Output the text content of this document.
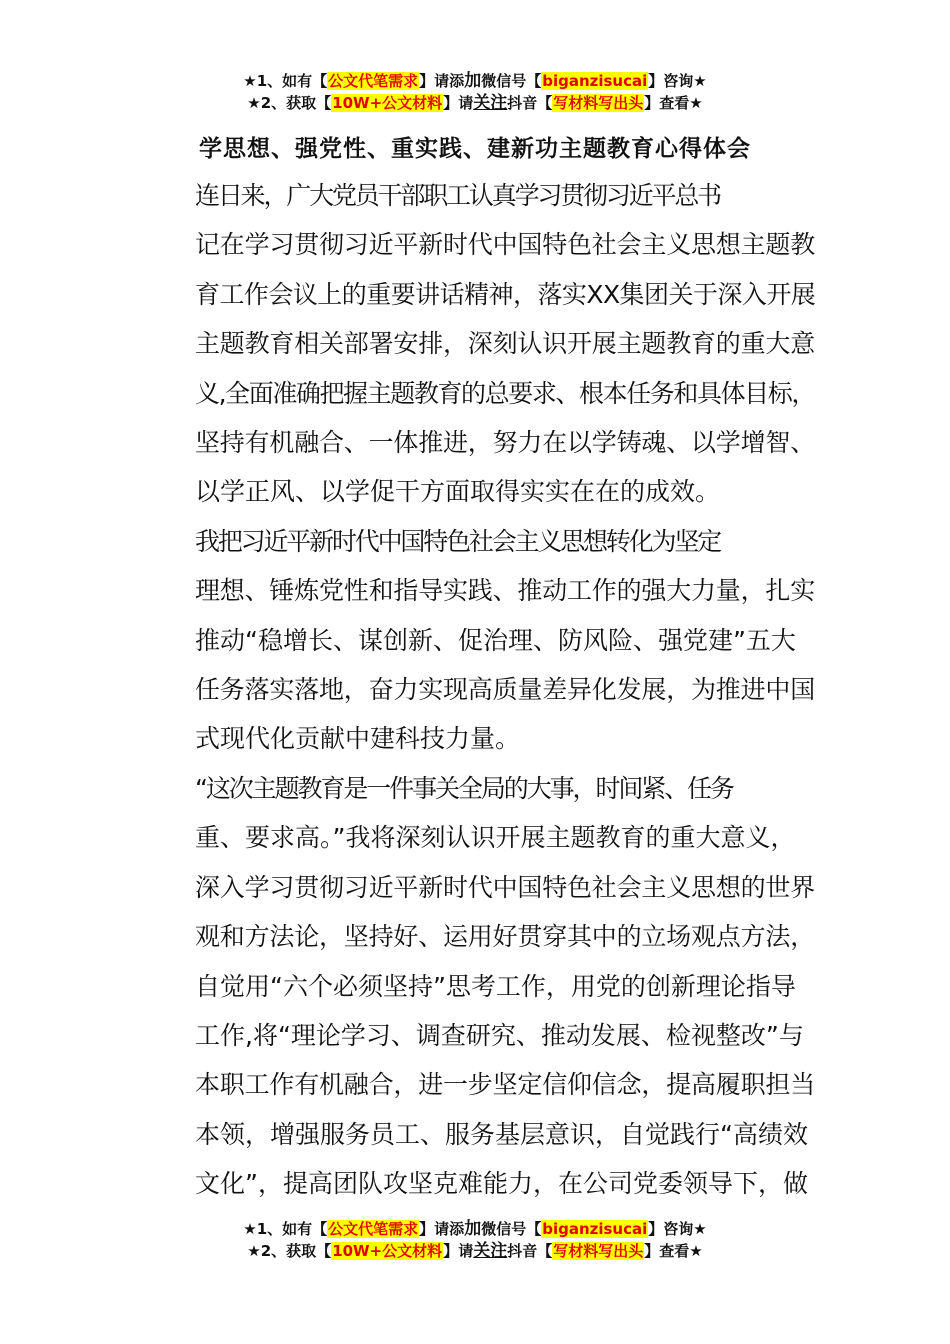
★1、如有【公文代笔需求】请添加微信号【biganzisucai】咨询★
★2、获取【10W+公文材料】请关注抖音【写材料写出头】查看★
学思想、强党性、重实践、建新功主题教育心得体会

连日来，广大党员干部职工认真学习贯彻习近平总书
记在学习贯彻习近平新时代中国特色社会主义思想主题教
育工作会议上的重要讲话精神，落实XX集团关于深入开展
主题教育相关部署安排，深刻认识开展主题教育的重大意
义,全面准确把握主题教育的总要求、根本任务和具体目标，
坚持有机融合、一体推进，努力在以学铸魂、以学增智、
以学正风、以学促干方面取得实实在在的成效。

我把习近平新时代中国特色社会主义思想转化为坚定
理想、锤炼党性和指导实践、推动工作的强大力量，扎实
推动“稳增长、谋创新、促治理、防风险、强党建”五大
任务落实落地，奋力实现高质量差异化发展，为推进中国
式现代化贡献中建科技力量。

“这次主题教育是一件事关全局的大事，时间紧、任务
重、要求高。”我将深刻认识开展主题教育的重大意义，
深入学习贯彻习近平新时代中国特色社会主义思想的世界
观和方法论，坚持好、运用好贯穿其中的立场观点方法，
自觉用“六个必须坚持”思考工作，用党的创新理论指导
工作,将“理论学习、调查研究、推动发展、检视整改”与
本职工作有机融合，进一步坚定信仰信念，提高履职担当
本领，增强服务员工、服务基层意识，自觉践行“高绩效
文化”，提高团队攻坚克难能力，在公司党委领导下，做

★1、如有【公文代笔需求】请添加微信号【biganzisucai】咨询★
★2、获取【10W+公文材料】请关注抖音【写材料写出头】查看★
